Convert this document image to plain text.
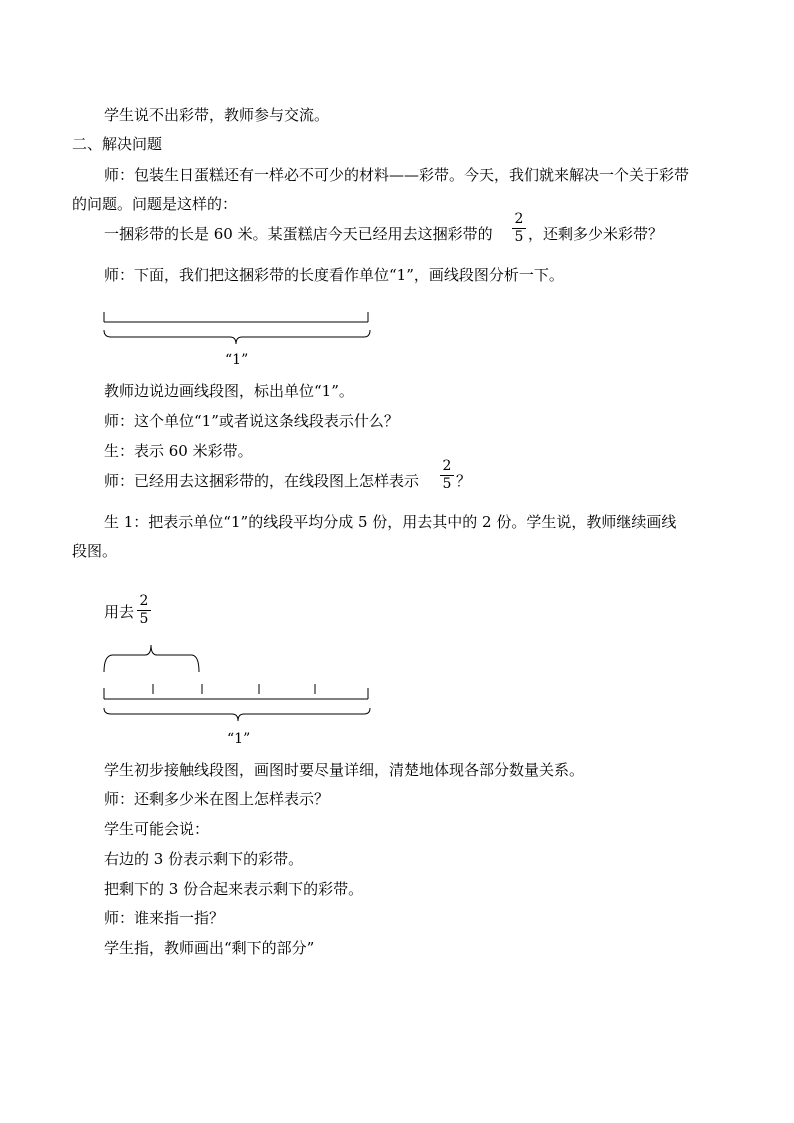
学生说不出彩带，教师参与交流。
二、解决问题
师：包装生日蛋糕还有一样必不可少的材料——彩带。今天，我们就来解决一个关于彩带
的问题。问题是这样的：
一捆彩带的长是 60 米。某蛋糕店今天已经用去这捆彩带的
2
5 ，还剩多少米彩带？
师：下面，我们把这捆彩带的长度看作单位“1”，画线段图分析一下。
“1”
教师边说边画线段图，标出单位“1”。
师：这个单位“1”或者说这条线段表示什么？
生：表示 60 米彩带。
师：已经用去这捆彩带的，在线段图上怎样表示
2
5 ？
生 1：把表示单位“1”的线段平均分成 5 份，用去其中的 2 份。学生说，教师继续画线
段图。
用去
2
5
“1”
学生初步接触线段图，画图时要尽量详细，清楚地体现各部分数量关系。
师：还剩多少米在图上怎样表示？
学生可能会说：
右边的 3 份表示剩下的彩带。
把剩下的 3 份合起来表示剩下的彩带。
师：谁来指一指？
学生指，教师画出“剩下的部分”
